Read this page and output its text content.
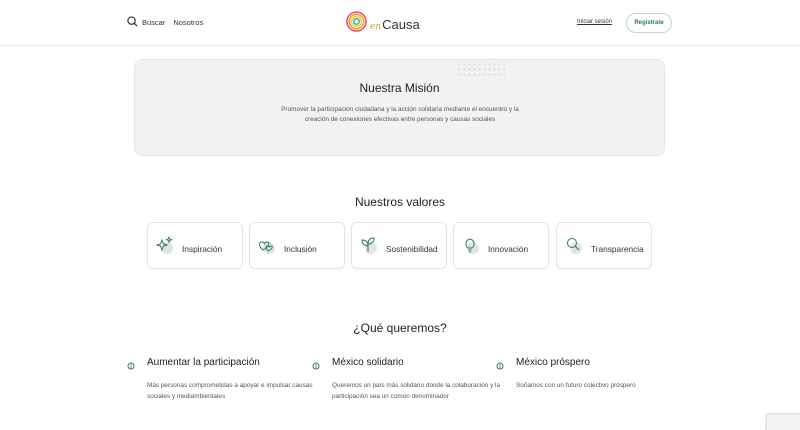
Buscar Nosotros	enCausa	Iniciar sesión	Regístrate
Nuestra Misión
Promover la participación ciudadana y la acción solidaria mediante el encuentro y la creación de conexiones efectivas entre personas y causas sociales
Nuestros valores
Inspiración	Inclusión	Sostenibilidad	Innovación	Transparencia
¿Qué queremos?
Aumentar la participación
Más personas comprometidas a apoyar e impulsar causas sociales y mediambientales
México solidario
Queremos un país más solidario donde la colaboración y la participación sea un común denominador
México próspero
Soñamos con un futuro colectivo próspero
